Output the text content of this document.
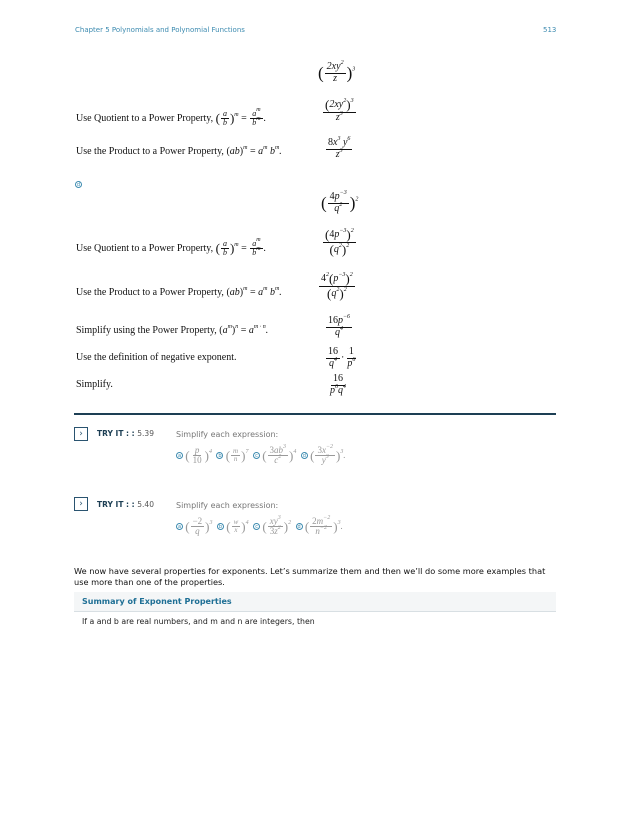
Chapter 5 Polynomials and Polynomial Functions	513
( $\frac{2xy^2}{z} )^3$
Use Quotient to a Power Property, ( $\frac{a}{b} )^m = \frac{a^m}{b^m}$ .	$\frac{(2xy^2)^3}{z^3}$
Use the Product to a Power Property, $(ab)^m = a^m$ $b^m$.	$\frac{8x^3 y^6}{z^3}$
d
( $\frac{4p^{-3}}{q^2} )^2$
Use Quotient to a Power Property, ( $\frac{a}{b} )^m = \frac{a^m}{b^m}$ .	$\frac{(4p^{-3})^2}{(q^2)^2}$
Use the Product to a Power Property, $(ab)^m = a^m$ $b^m$.	$\frac{4^2(p^{-3})^2}{(q^2)^2}$
Simplify using the Power Property, $(a^m)^n = a^{m \cdot n}$.	$\frac{16p^{-6}}{q^4}$
Use the definition of negative exponent.	$\frac{16}{q^4} \cdot \frac{1}{p^6}$
Simplify.	$\frac{16}{p^6q^4}$
›	TRY IT : : 5.39	Simplify each expression:
a ( $\frac{p}{10} )^4$  b ( $\frac{m}{n} )^7$  c ( $\frac{3ab^3}{c^2} )^4$  d ( $\frac{3x^{-2}}{y^3} )^3$.
›	TRY IT : : 5.40	Simplify each expression:
a ( $\frac{-2}{q} )^3$  b ( $\frac{w}{x} )^4$  c ( $\frac{xy^3}{3z^2} )^2$  d ( $\frac{2m^{-2}}{n^{-2}} )^3$.
We now have several properties for exponents. Let’s summarize them and then we’ll do some more examples that use more than one of the properties.
Summary of Exponent Properties
If a and b are real numbers, and m and n are integers, then
